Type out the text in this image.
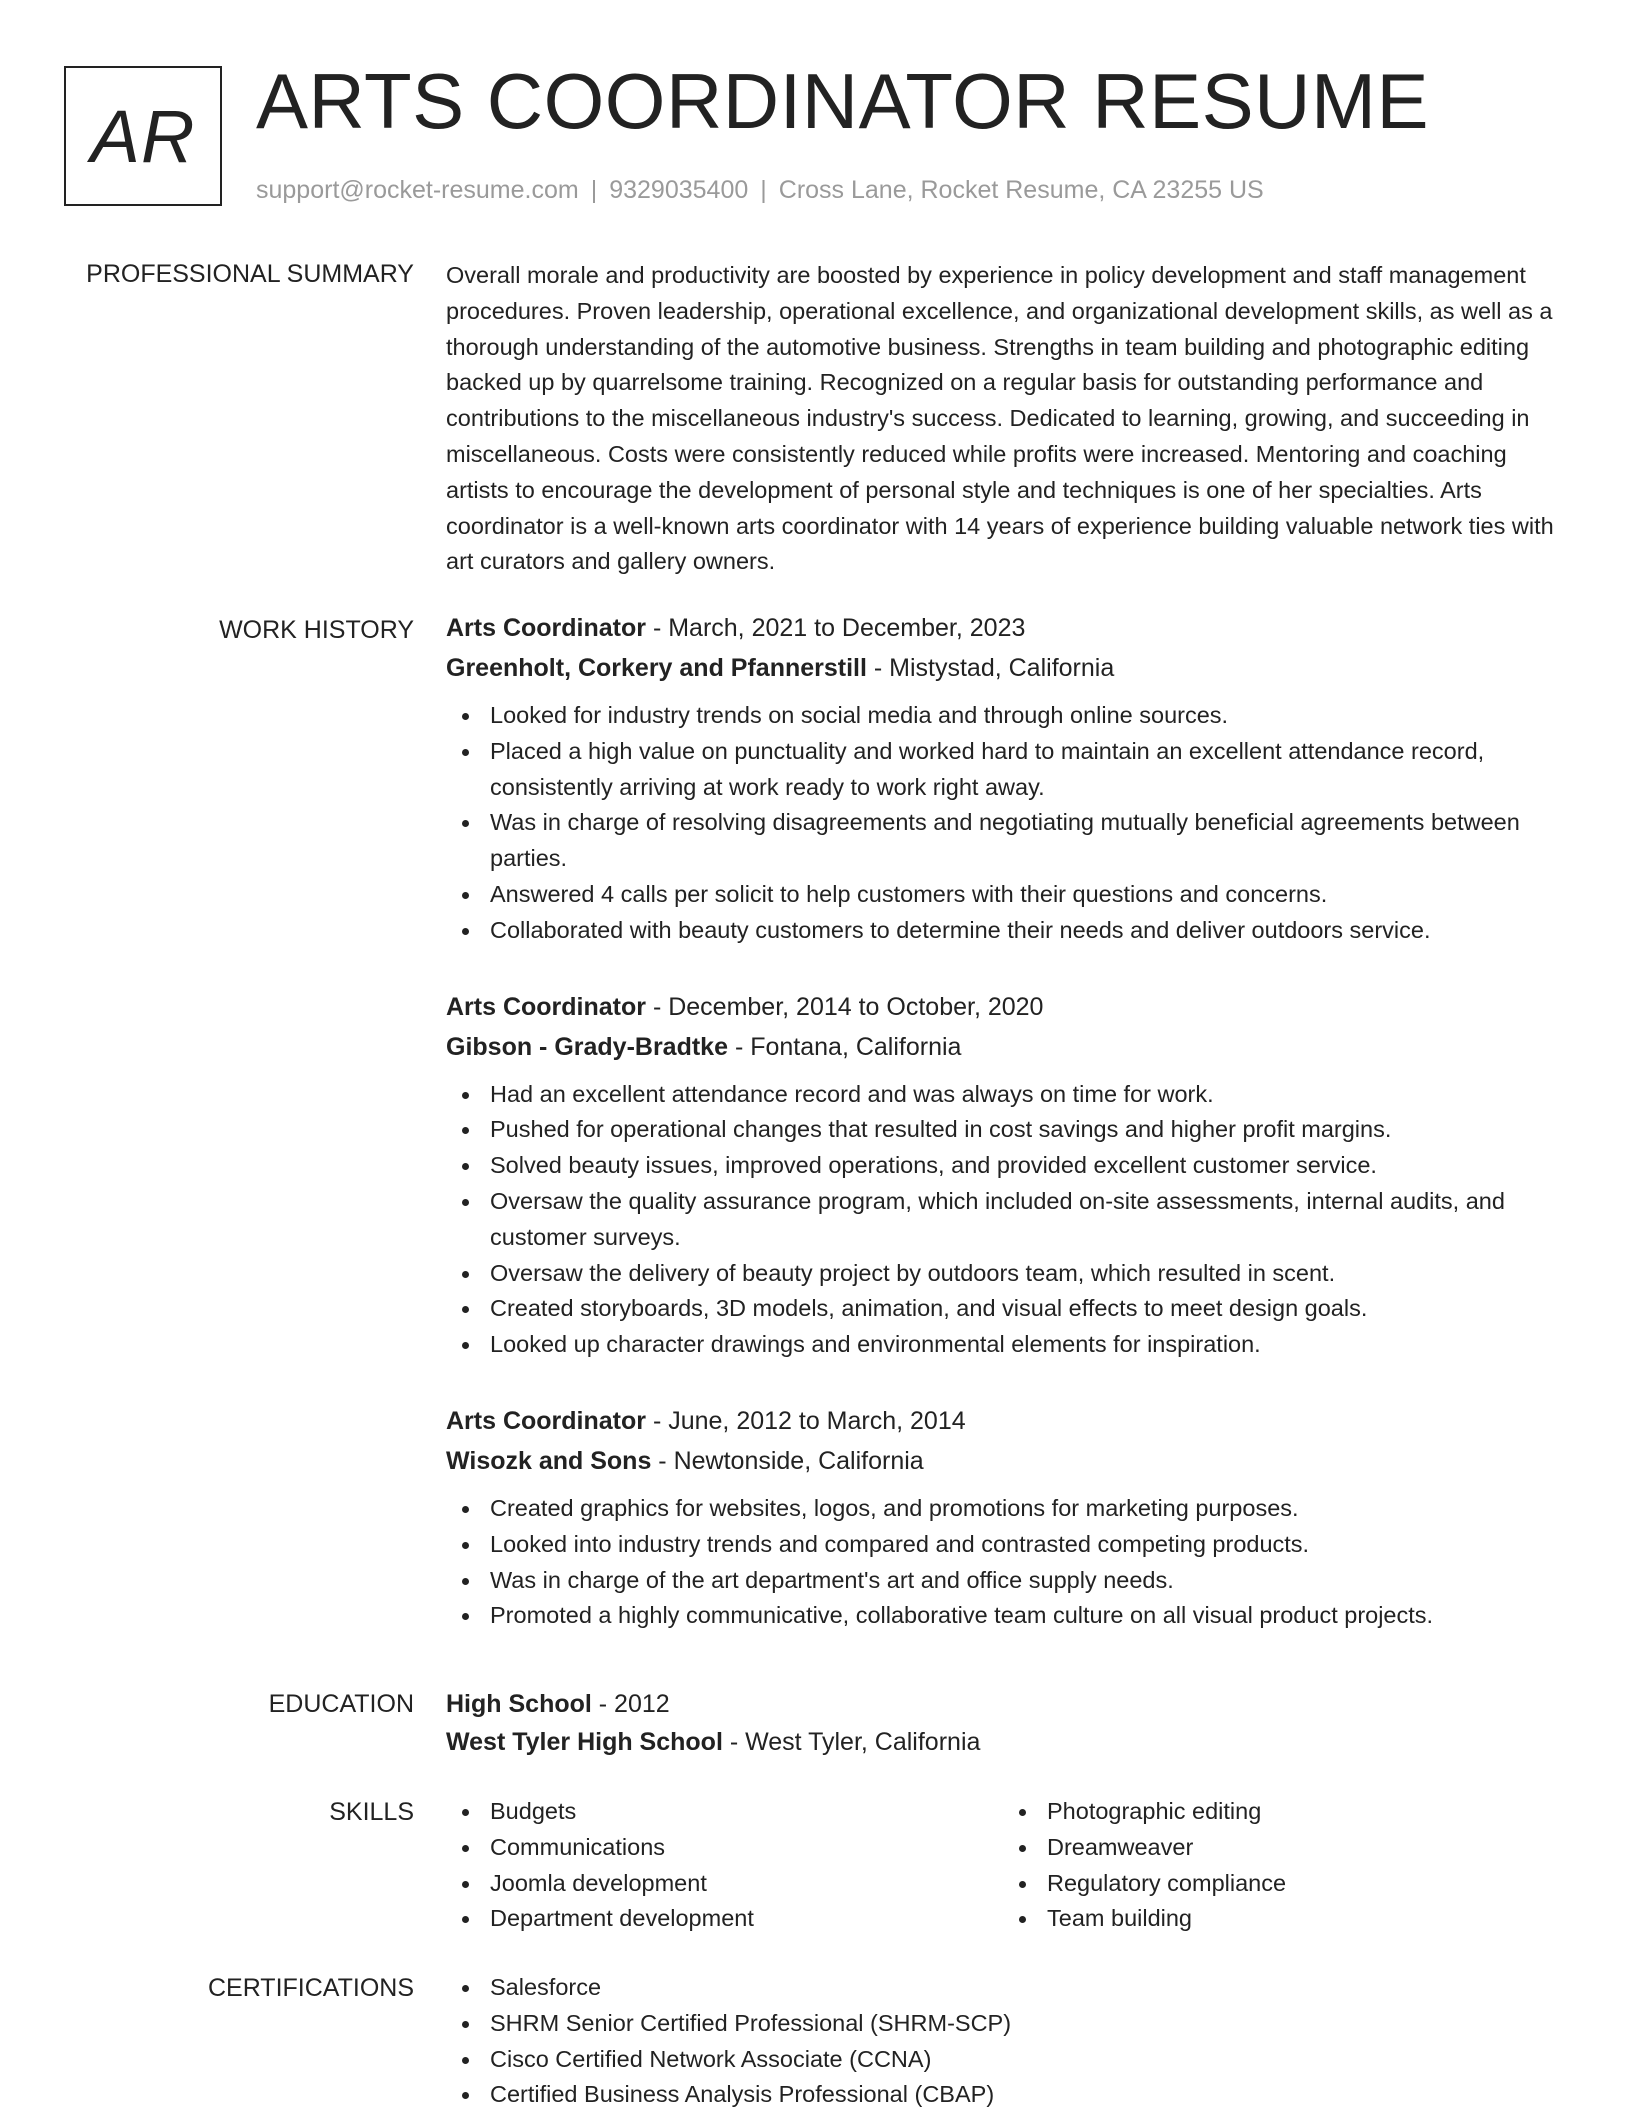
AR ARTS COORDINATOR RESUME
support@rocket-resume.com | 9329035400 | Cross Lane, Rocket Resume, CA 23255 US
PROFESSIONAL SUMMARY Overall morale and productivity are boosted by experience in policy development and staff management procedures. Proven leadership, operational excellence, and organizational development skills, as well as a thorough understanding of the automotive business. Strengths in team building and photographic editing backed up by quarrelsome training. Recognized on a regular basis for outstanding performance and contributions to the miscellaneous industry's success. Dedicated to learning, growing, and succeeding in miscellaneous. Costs were consistently reduced while profits were increased. Mentoring and coaching artists to encourage the development of personal style and techniques is one of her specialties. Arts coordinator is a well-known arts coordinator with 14 years of experience building valuable network ties with art curators and gallery owners.

WORK HISTORY Arts Coordinator - March, 2021 to December, 2023
Greenholt, Corkery and Pfannerstill - Mistystad, California
Looked for industry trends on social media and through online sources.
Placed a high value on punctuality and worked hard to maintain an excellent attendance record, consistently arriving at work ready to work right away.
Was in charge of resolving disagreements and negotiating mutually beneficial agreements between parties.
Answered 4 calls per solicit to help customers with their questions and concerns.
Collaborated with beauty customers to determine their needs and deliver outdoors service.
Arts Coordinator - December, 2014 to October, 2020
Gibson - Grady-Bradtke - Fontana, California
Had an excellent attendance record and was always on time for work.
Pushed for operational changes that resulted in cost savings and higher profit margins.
Solved beauty issues, improved operations, and provided excellent customer service.
Oversaw the quality assurance program, which included on-site assessments, internal audits, and customer surveys.
Oversaw the delivery of beauty project by outdoors team, which resulted in scent.
Created storyboards, 3D models, animation, and visual effects to meet design goals.
Looked up character drawings and environmental elements for inspiration.
Arts Coordinator - June, 2012 to March, 2014
Wisozk and Sons - Newtonside, California
Created graphics for websites, logos, and promotions for marketing purposes.
Looked into industry trends and compared and contrasted competing products.
Was in charge of the art department's art and office supply needs.
Promoted a highly communicative, collaborative team culture on all visual product projects.
EDUCATION High School - 2012
West Tyler High School - West Tyler, California
SKILLS	Budgets
Communications
Joomla development
Department development
Photographic editing
Dreamweaver
Regulatory compliance
Team building
CERTIFICATIONS	Salesforce
SHRM Senior Certified Professional (SHRM-SCP)
Cisco Certified Network Associate (CCNA)
Certified Business Analysis Professional (CBAP)
